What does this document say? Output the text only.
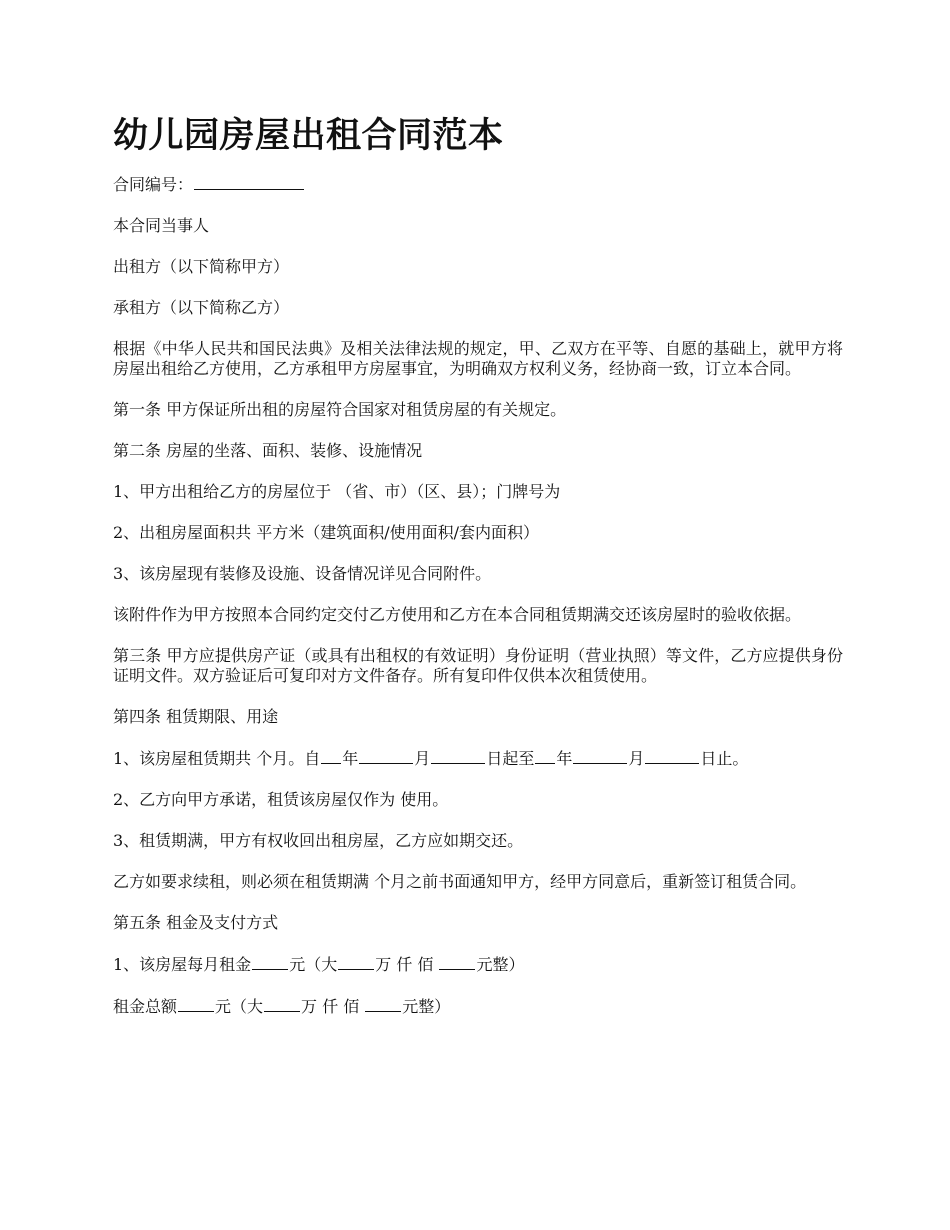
幼儿园房屋出租合同范本

合同编号：

本合同当事人

出租方（以下简称甲方）

承租方（以下简称乙方）

根据《中华人民共和国民法典》及相关法律法规的规定，甲、乙双方在平等、自愿的基础上，就甲方将房屋出租给乙方使用，乙方承租甲方房屋事宜，为明确双方权利义务，经协商一致，订立本合同。

第一条 甲方保证所出租的房屋符合国家对租赁房屋的有关规定。

第二条 房屋的坐落、面积、装修、设施情况

1、甲方出租给乙方的房屋位于 （省、市）（区、县）；门牌号为

2、出租房屋面积共 平方米（建筑面积/使用面积/套内面积）

3、该房屋现有装修及设施、设备情况详见合同附件。

该附件作为甲方按照本合同约定交付乙方使用和乙方在本合同租赁期满交还该房屋时的验收依据。

第三条 甲方应提供房产证（或具有出租权的有效证明）身份证明（营业执照）等文件，乙方应提供身份证明文件。双方验证后可复印对方文件备存。所有复印件仅供本次租赁使用。

第四条 租赁期限、用途

1、该房屋租赁期共 个月。自 年	月	日起至 年	月	日止。

2、乙方向甲方承诺，租赁该房屋仅作为 使用。

3、租赁期满，甲方有权收回出租房屋，乙方应如期交还。

乙方如要求续租，则必须在租赁期满 个月之前书面通知甲方，经甲方同意后，重新签订租赁合同。

第五条 租金及支付方式

1、该房屋每月租金 元（大 万 仟 佰 元整）

租金总额 元（大 万 仟 佰 元整）
